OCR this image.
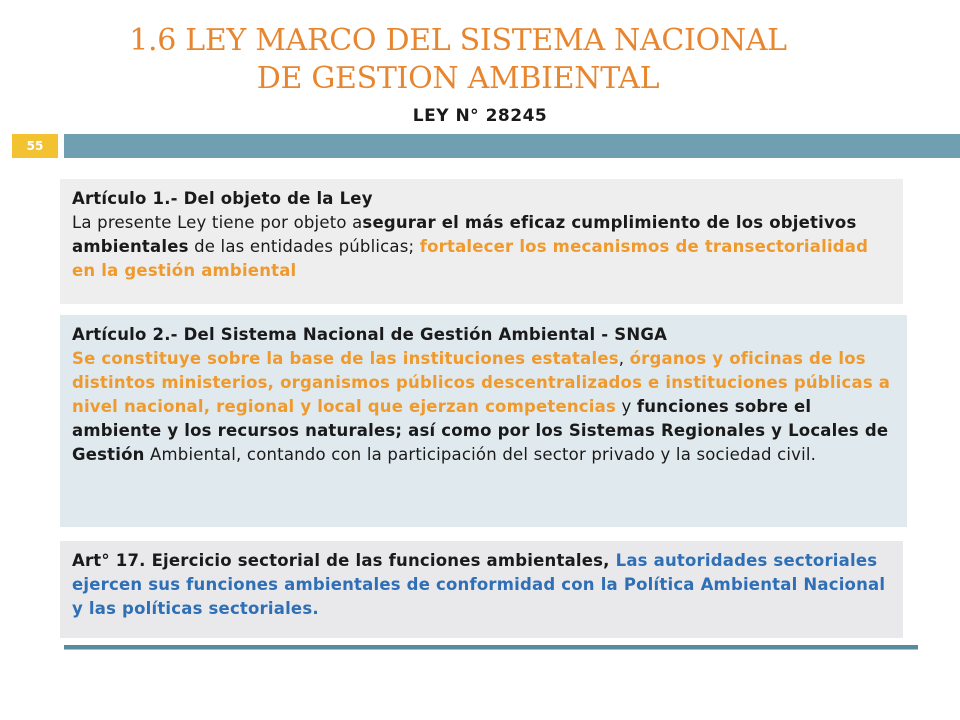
1.6 LEY MARCO DEL SISTEMA NACIONAL
DE GESTION AMBIENTAL
LEY N° 28245
55
Artículo 1.- Del objeto de la Ley
La presente Ley tiene por objeto asegurar el más eficaz cumplimiento de los objetivos ambientales de las entidades públicas; fortalecer los mecanismos de transectorialidad en la gestión ambiental
Artículo 2.- Del Sistema Nacional de Gestión Ambiental - SNGA
Se constituye sobre la base de las instituciones estatales, órganos y oficinas de los distintos ministerios, organismos públicos descentralizados e instituciones públicas a nivel nacional, regional y local que ejerzan competencias y funciones sobre el ambiente y los recursos naturales; así como por los Sistemas Regionales y Locales de Gestión Ambiental, contando con la participación del sector privado y la sociedad civil.
Art° 17. Ejercicio sectorial de las funciones ambientales, Las autoridades sectoriales ejercen sus funciones ambientales de conformidad con la Política Ambiental Nacional y las políticas sectoriales.
